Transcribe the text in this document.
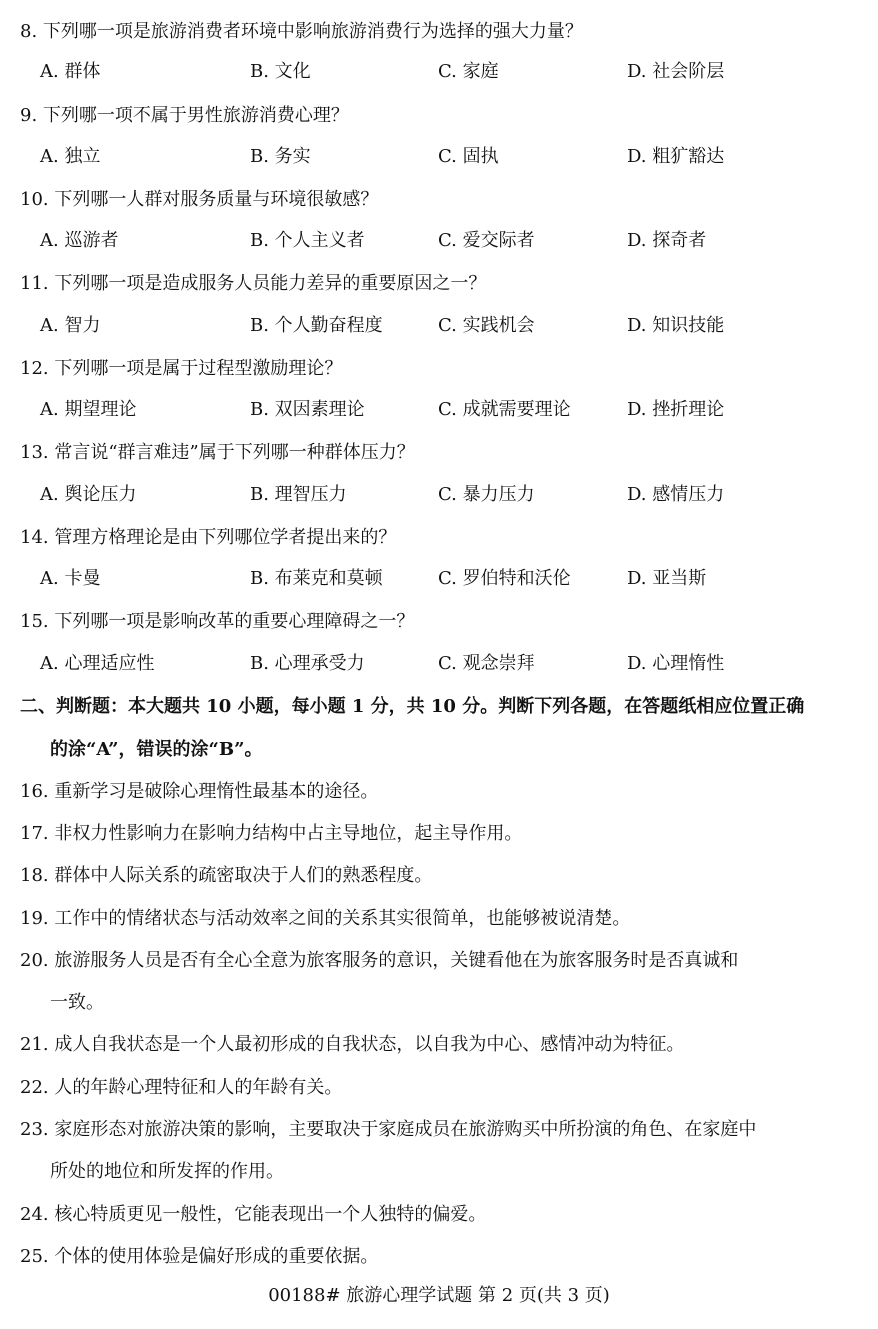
8. 下列哪一项是旅游消费者环境中影响旅游消费行为选择的强大力量？
A. 群体	B. 文化	C. 家庭	D. 社会阶层
9. 下列哪一项不属于男性旅游消费心理？
A. 独立	B. 务实	C. 固执	D. 粗犷豁达
10. 下列哪一人群对服务质量与环境很敏感？
A. 巡游者	B. 个人主义者	C. 爱交际者	D. 探奇者
11. 下列哪一项是造成服务人员能力差异的重要原因之一？
A. 智力	B. 个人勤奋程度	C. 实践机会	D. 知识技能
12. 下列哪一项是属于过程型激励理论？
A. 期望理论	B. 双因素理论	C. 成就需要理论	D. 挫折理论
13. 常言说“群言难违”属于下列哪一种群体压力？
A. 舆论压力	B. 理智压力	C. 暴力压力	D. 感情压力
14. 管理方格理论是由下列哪位学者提出来的？
A. 卡曼	B. 布莱克和莫顿	C. 罗伯特和沃伦	D. 亚当斯
15. 下列哪一项是影响改革的重要心理障碍之一？
A. 心理适应性	B. 心理承受力	C. 观念崇拜	D. 心理惰性
二、判断题：本大题共 10 小题，每小题 1 分，共 10 分。判断下列各题，在答题纸相应位置正确
的涂“A”，错误的涂“B”。
16. 重新学习是破除心理惰性最基本的途径。
17. 非权力性影响力在影响力结构中占主导地位，起主导作用。
18. 群体中人际关系的疏密取决于人们的熟悉程度。
19. 工作中的情绪状态与活动效率之间的关系其实很简单，也能够被说清楚。
20. 旅游服务人员是否有全心全意为旅客服务的意识，关键看他在为旅客服务时是否真诚和
一致。
21. 成人自我状态是一个人最初形成的自我状态，以自我为中心、感情冲动为特征。
22. 人的年龄心理特征和人的年龄有关。
23. 家庭形态对旅游决策的影响，主要取决于家庭成员在旅游购买中所扮演的角色、在家庭中
所处的地位和所发挥的作用。
24. 核心特质更见一般性，它能表现出一个人独特的偏爱。
25. 个体的使用体验是偏好形成的重要依据。
00188# 旅游心理学试题 第 2 页(共 3 页)
